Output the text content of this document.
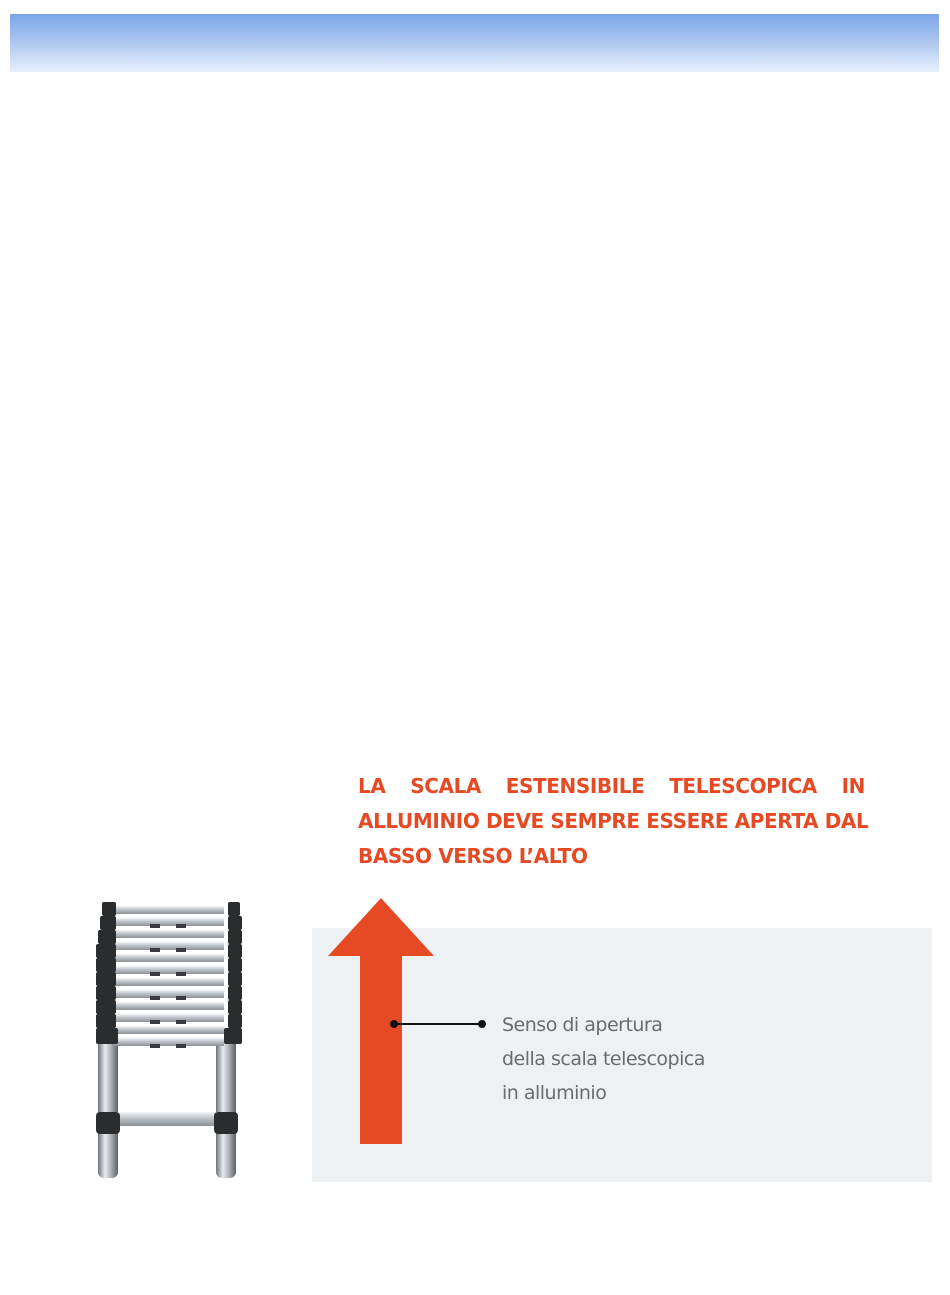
LA SCALA ESTENSIBILE TELESCOPICA IN
ALLUMINIO DEVE SEMPRE ESSERE APERTA DAL
BASSO VERSO L’ALTO
Senso di apertura
della scala telescopica
in alluminio
